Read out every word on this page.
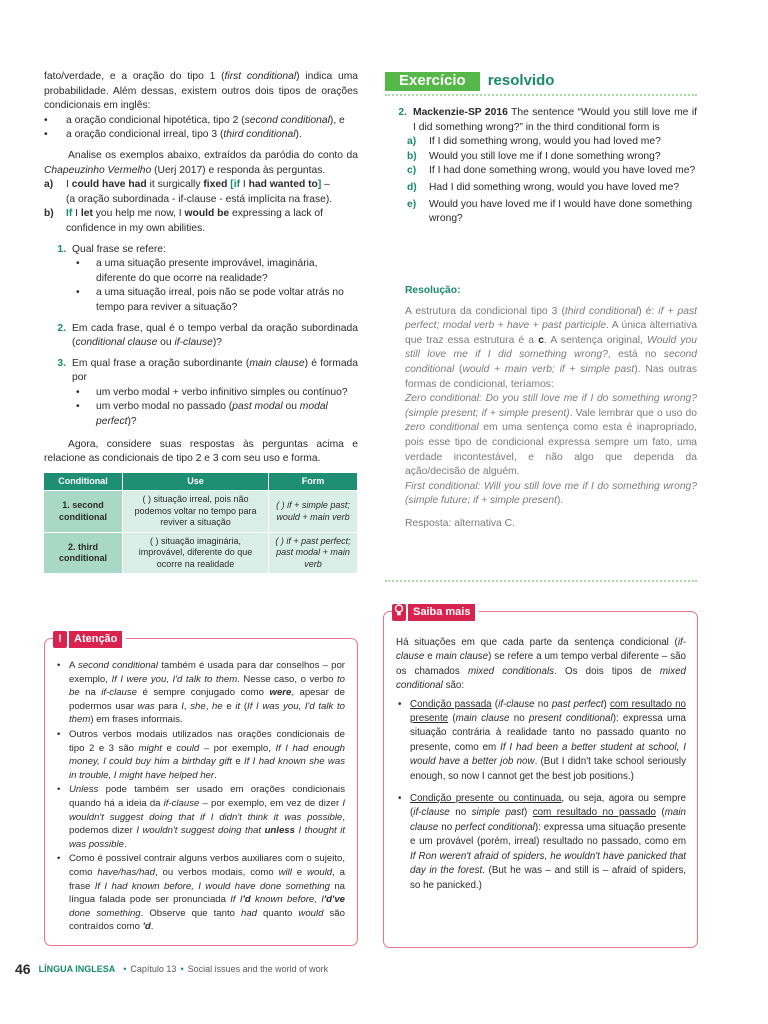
fato/verdade, e a oração do tipo 1 (first conditional) indica uma probabilidade. Além dessas, existem outros dois tipos de orações condicionais em inglês:

• a oração condicional hipotética, tipo 2 (second conditional), e
• a oração condicional irreal, tipo 3 (third conditional).

Analise os exemplos abaixo, extraídos da paródia do conto da Chapeuzinho Vermelho (Uerj 2017) e responda às perguntas.

a)	I could have had it surgically fixed [if I had wanted to] –
(a oração subordinada - if-clause - está implícita na frase).
b)	If I let you help me now, I would be expressing a lack of confidence in my own abilities.
1. Qual frase se refere:

• a uma situação presente improvável, imaginária, diferente do que ocorre na realidade?
• a uma situação irreal, pois não se pode voltar atrás no tempo para reviver a situação?
2. Em cada frase, qual é o tempo verbal da oração subordinada (conditional clause ou if-clause)?

3. Em qual frase a oração subordinante (main clause) é formada por

• um verbo modal + verbo infinitivo simples ou contínuo?
• um verbo modal no passado (past modal ou modal perfect)?

Agora, considere suas respostas às perguntas acima e relacione as condicionais de tipo 2 e 3 com seu uso e forma.

Conditional	Use	Form
1. second conditional	( ) situação irreal, pois não podemos voltar no tempo para reviver a situação	( ) if + simple past; would + main verb
2. third conditional	( ) situação imaginária, improvável, diferente do que ocorre na realidade	( ) if + past perfect; past modal + main verb
!	Atenção
• A second conditional também é usada para dar conselhos – por exemplo, If I were you, I'd talk to them. Nesse caso, o verbo to be na if-clause é sempre conjugado como were, apesar de podermos usar was para I, she, he e it (If I was you, I'd talk to them) em frases informais.
• Outros verbos modais utilizados nas orações condicionais de tipo 2 e 3 são might e could – por exemplo, If I had enough money, I could buy him a birthday gift e If I had known she was in trouble, I might have helped her.
• Unless pode também ser usado em orações condicionais quando há a ideia da if-clause – por exemplo, em vez de dizer I wouldn't suggest doing that if I didn't think it was possible, podemos dizer I wouldn't suggest doing that unless I thought it was possible.
• Como é possível contrair alguns verbos auxiliares com o sujeito, como have/has/had, ou verbos modais, como will e would, a frase If I had known before, I would have done something na língua falada pode ser pronunciada If I'd known before, I'd've done something. Observe que tanto had quanto would são contraídos como 'd.
Exercício	resolvido
2. Mackenzie-SP 2016 The sentence “Would you still love me if I did something wrong?” in the third conditional form is

a)	If I did something wrong, would you had loved me?
b)	Would you still love me if I done something wrong?
c)	If I had done something wrong, would you have loved me?
d)	Had I did something wrong, would you have loved me?
e)	Would you have loved me if I would have done something wrong?

Resolução:

A estrutura da condicional tipo 3 (third conditional) é: if + past perfect; modal verb + have + past participle. A única alternativa que traz essa estrutura é a c. A sentença original, Would you still love me if I did something wrong?, está no second conditional (would + main verb; if + simple past). Nas outras formas de condicional, teríamos:
Zero conditional: Do you still love me if I do something wrong? (simple present; if + simple present). Vale lembrar que o uso do zero conditional em uma sentença como esta é inapropriado, pois esse tipo de condicional expressa sempre um fato, uma verdade incontestável, e não algo que dependa da ação/decisão de alguém.
First conditional: Will you still love me if I do something wrong? (simple future; if + simple present).

Resposta: alternativa C.

Saiba mais

Há situações em que cada parte da sentença condicional (if-clause e main clause) se refere a um tempo verbal diferente – são os chamados mixed conditionals. Os dois tipos de mixed conditional são:

• Condição passada (if-clause no past perfect) com resultado no presente (main clause no present conditional): expressa uma situação contrária à realidade tanto no passado quanto no presente, como em If I had been a better student at school, I would have a better job now. (But I didn't take school seriously enough, so now I cannot get the best job positions.)
• Condição presente ou continuada, ou seja, agora ou sempre (if-clause no simple past) com resultado no passado (main clause no perfect conditional): expressa uma situação presente e um provável (porém, irreal) resultado no passado, como em If Ron weren't afraid of spiders, he wouldn't have panicked that day in the forest. (But he was – and still is – afraid of spiders, so he panicked.)
46 LÍNGUA INGLESA • Capítulo 13 • Social issues and the world of work
